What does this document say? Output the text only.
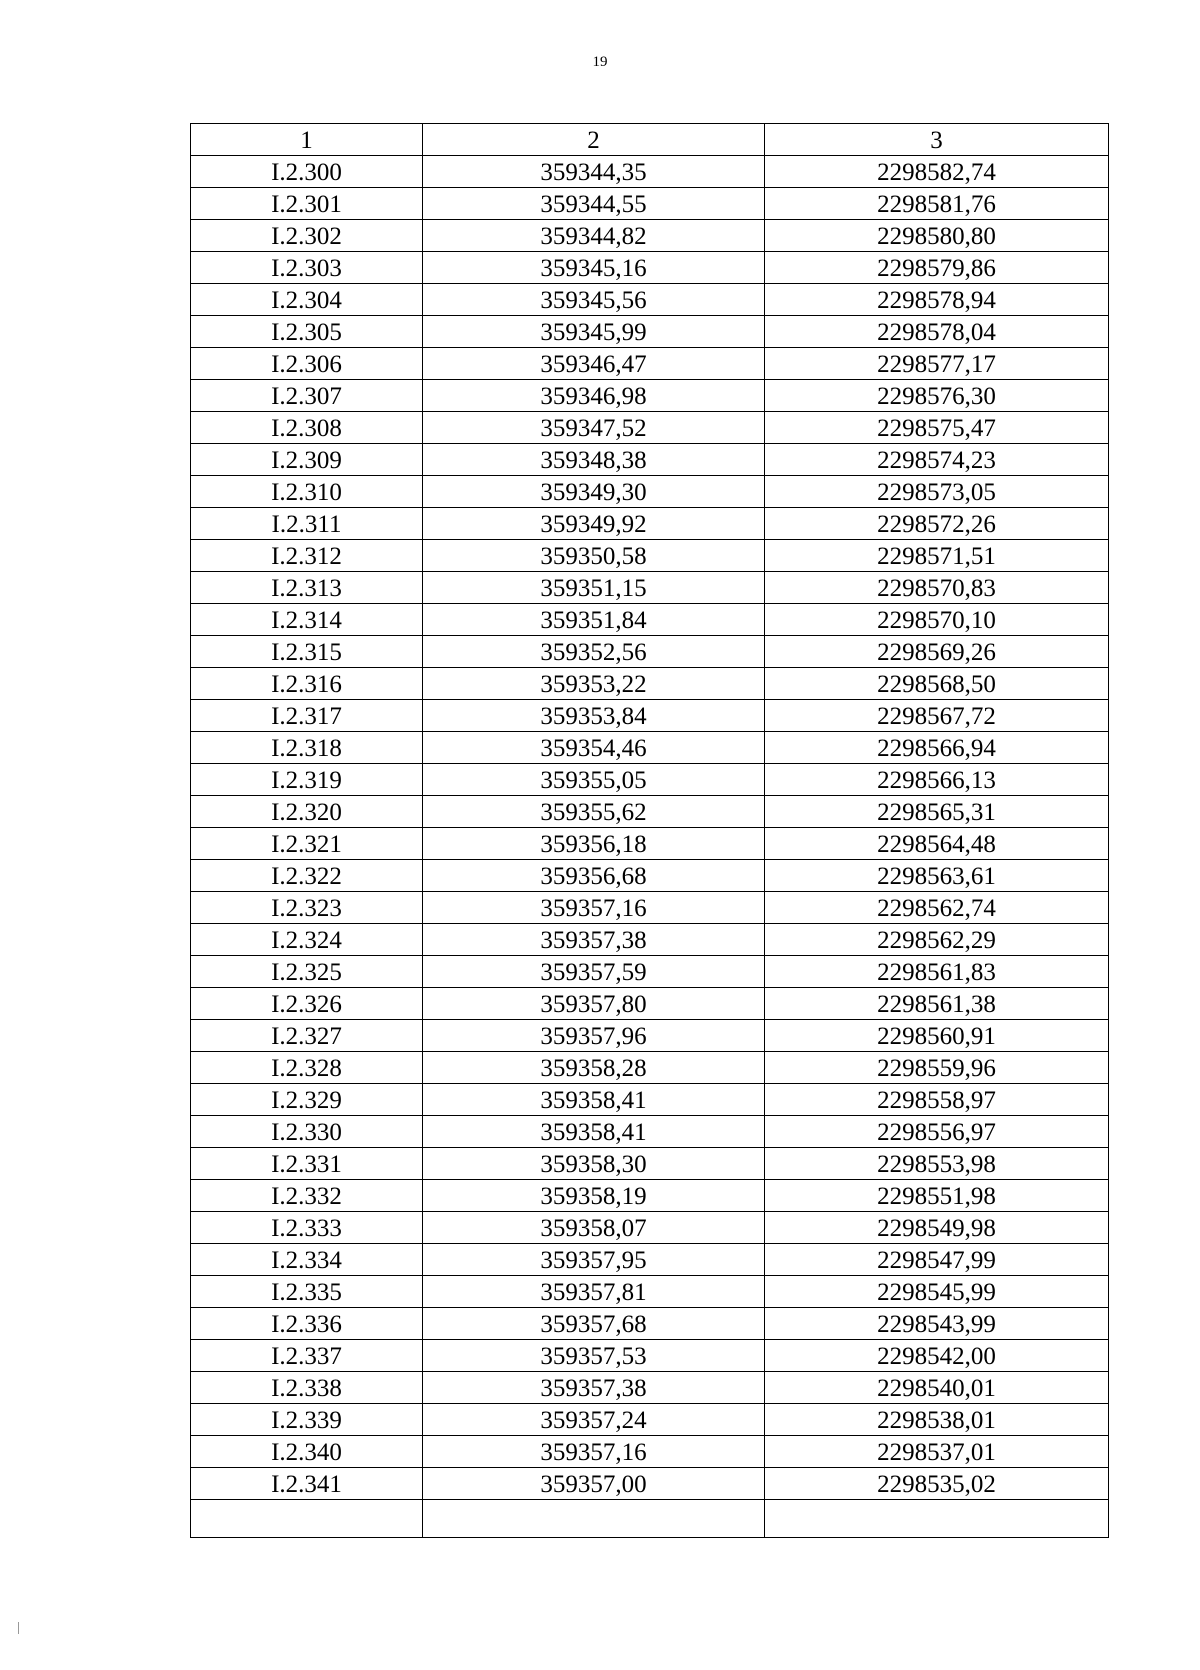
19
1	2	3
I.2.300	359344,35	2298582,74
I.2.301	359344,55	2298581,76
I.2.302	359344,82	2298580,80
I.2.303	359345,16	2298579,86
I.2.304	359345,56	2298578,94
I.2.305	359345,99	2298578,04
I.2.306	359346,47	2298577,17
I.2.307	359346,98	2298576,30
I.2.308	359347,52	2298575,47
I.2.309	359348,38	2298574,23
I.2.310	359349,30	2298573,05
I.2.311	359349,92	2298572,26
I.2.312	359350,58	2298571,51
I.2.313	359351,15	2298570,83
I.2.314	359351,84	2298570,10
I.2.315	359352,56	2298569,26
I.2.316	359353,22	2298568,50
I.2.317	359353,84	2298567,72
I.2.318	359354,46	2298566,94
I.2.319	359355,05	2298566,13
I.2.320	359355,62	2298565,31
I.2.321	359356,18	2298564,48
I.2.322	359356,68	2298563,61
I.2.323	359357,16	2298562,74
I.2.324	359357,38	2298562,29
I.2.325	359357,59	2298561,83
I.2.326	359357,80	2298561,38
I.2.327	359357,96	2298560,91
I.2.328	359358,28	2298559,96
I.2.329	359358,41	2298558,97
I.2.330	359358,41	2298556,97
I.2.331	359358,30	2298553,98
I.2.332	359358,19	2298551,98
I.2.333	359358,07	2298549,98
I.2.334	359357,95	2298547,99
I.2.335	359357,81	2298545,99
I.2.336	359357,68	2298543,99
I.2.337	359357,53	2298542,00
I.2.338	359357,38	2298540,01
I.2.339	359357,24	2298538,01
I.2.340	359357,16	2298537,01
I.2.341	359357,00	2298535,02
